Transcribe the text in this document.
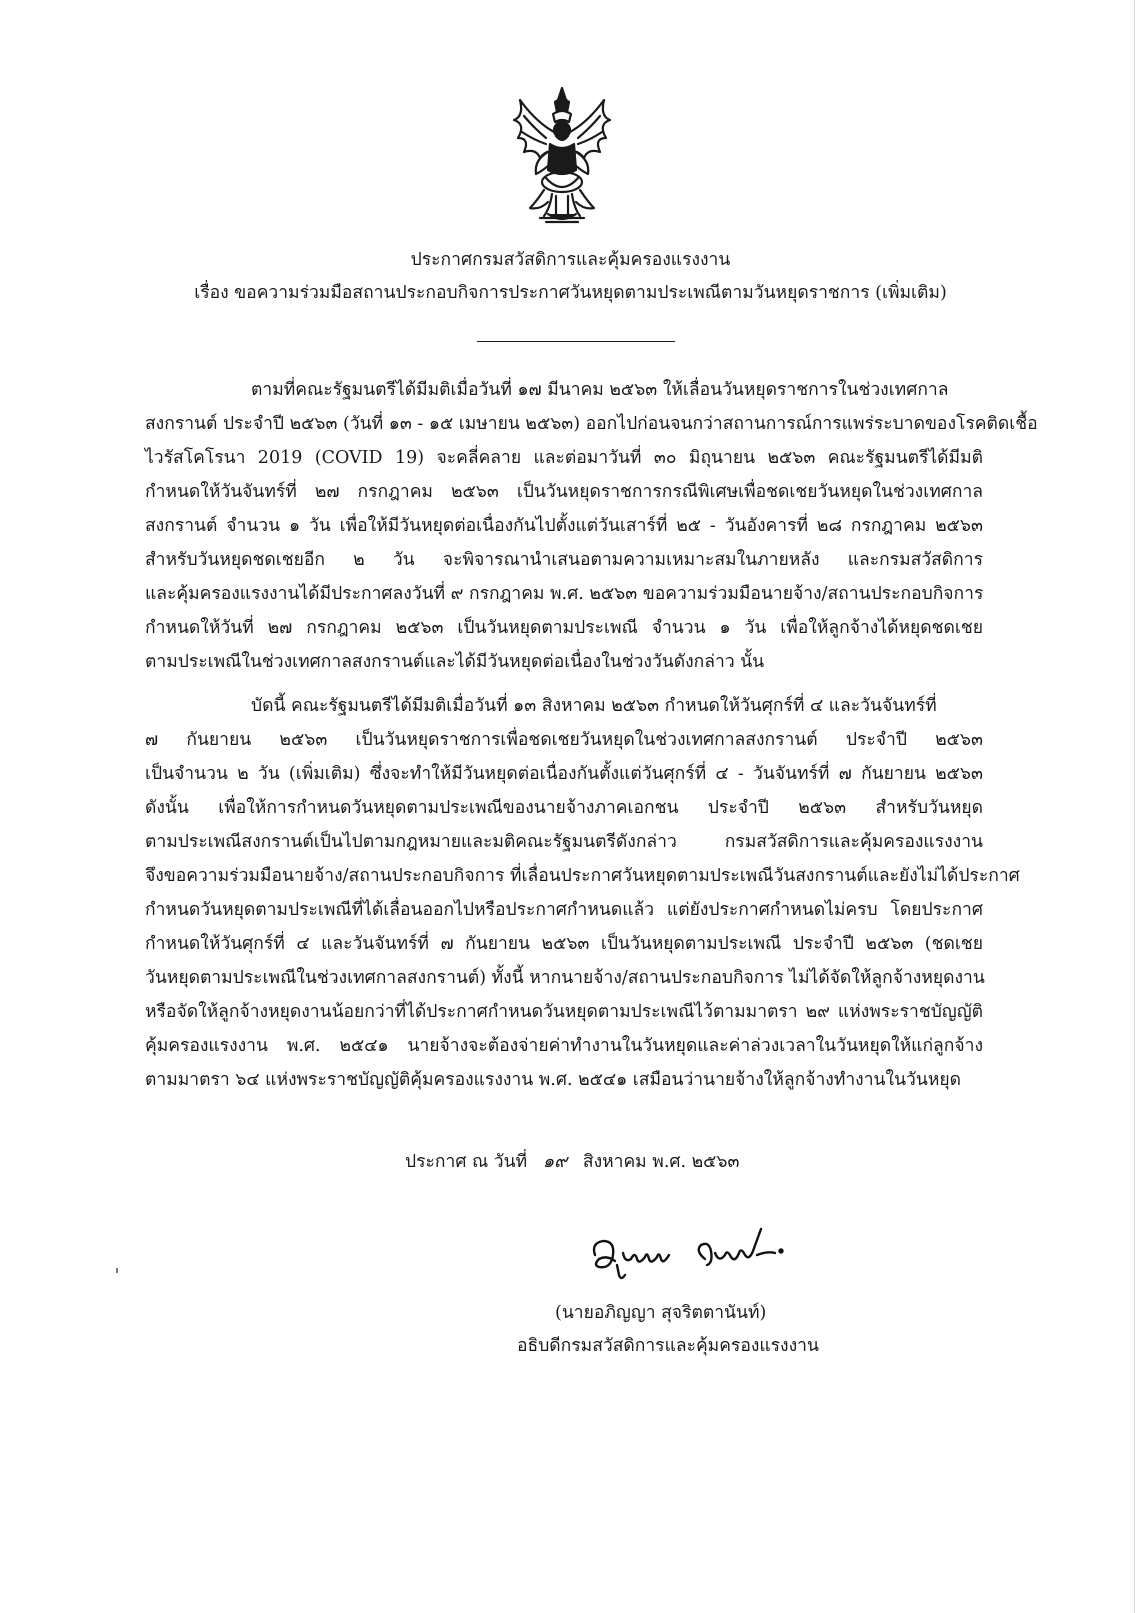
ประกาศกรมสวัสดิการและคุ้มครองแรงงาน
เรื่อง ขอความร่วมมือสถานประกอบกิจการประกาศวันหยุดตามประเพณีตามวันหยุดราชการ (เพิ่มเติม)
ตามที่คณะรัฐมนตรีได้มีมติเมื่อวันที่ ๑๗ มีนาคม ๒๕๖๓ ให้เลื่อนวันหยุดราชการในช่วงเทศกาล
สงกรานต์ ประจำปี ๒๕๖๓ (วันที่ ๑๓ - ๑๕ เมษายน ๒๕๖๓) ออกไปก่อนจนกว่าสถานการณ์การแพร่ระบาดของโรคติดเชื้อ
ไวรัสโคโรนา 2019 (COVID 19) จะคลี่คลาย และต่อมาวันที่ ๓๐ มิถุนายน ๒๕๖๓ คณะรัฐมนตรีได้มีมติ
กำหนดให้วันจันทร์ที่ ๒๗ กรกฎาคม ๒๕๖๓ เป็นวันหยุดราชการกรณีพิเศษเพื่อชดเชยวันหยุดในช่วงเทศกาล
สงกรานต์ จำนวน ๑ วัน เพื่อให้มีวันหยุดต่อเนื่องกันไปตั้งแต่วันเสาร์ที่ ๒๕ - วันอังคารที่ ๒๘ กรกฎาคม ๒๕๖๓
สำหรับวันหยุดชดเชยอีก ๒ วัน จะพิจารณานำเสนอตามความเหมาะสมในภายหลัง และกรมสวัสดิการ
และคุ้มครองแรงงานได้มีประกาศลงวันที่ ๙ กรกฎาคม พ.ศ. ๒๕๖๓ ขอความร่วมมือนายจ้าง/สถานประกอบกิจการ
กำหนดให้วันที่ ๒๗ กรกฎาคม ๒๕๖๓ เป็นวันหยุดตามประเพณี จำนวน ๑ วัน เพื่อให้ลูกจ้างได้หยุดชดเชย
ตามประเพณีในช่วงเทศกาลสงกรานต์และได้มีวันหยุดต่อเนื่องในช่วงวันดังกล่าว นั้น
บัดนี้ คณะรัฐมนตรีได้มีมติเมื่อวันที่ ๑๓ สิงหาคม ๒๕๖๓ กำหนดให้วันศุกร์ที่ ๔ และวันจันทร์ที่
๗ กันยายน ๒๕๖๓ เป็นวันหยุดราชการเพื่อชดเชยวันหยุดในช่วงเทศกาลสงกรานต์ ประจำปี ๒๕๖๓
เป็นจำนวน ๒ วัน (เพิ่มเติม) ซึ่งจะทำให้มีวันหยุดต่อเนื่องกันตั้งแต่วันศุกร์ที่ ๔ - วันจันทร์ที่ ๗ กันยายน ๒๕๖๓
ดังนั้น เพื่อให้การกำหนดวันหยุดตามประเพณีของนายจ้างภาคเอกชน ประจำปี ๒๕๖๓ สำหรับวันหยุด
ตามประเพณีสงกรานต์เป็นไปตามกฎหมายและมติคณะรัฐมนตรีดังกล่าว กรมสวัสดิการและคุ้มครองแรงงาน
จึงขอความร่วมมือนายจ้าง/สถานประกอบกิจการ ที่เลื่อนประกาศวันหยุดตามประเพณีวันสงกรานต์และยังไม่ได้ประกาศ
กำหนดวันหยุดตามประเพณีที่ได้เลื่อนออกไปหรือประกาศกำหนดแล้ว แต่ยังประกาศกำหนดไม่ครบ โดยประกาศ
กำหนดให้วันศุกร์ที่ ๔ และวันจันทร์ที่ ๗ กันยายน ๒๕๖๓ เป็นวันหยุดตามประเพณี ประจำปี ๒๕๖๓ (ชดเชย
วันหยุดตามประเพณีในช่วงเทศกาลสงกรานต์) ทั้งนี้ หากนายจ้าง/สถานประกอบกิจการ ไม่ได้จัดให้ลูกจ้างหยุดงาน
หรือจัดให้ลูกจ้างหยุดงานน้อยกว่าที่ได้ประกาศกำหนดวันหยุดตามประเพณีไว้ตามมาตรา ๒๙ แห่งพระราชบัญญัติ
คุ้มครองแรงงาน พ.ศ. ๒๕๔๑ นายจ้างจะต้องจ่ายค่าทำงานในวันหยุดและค่าล่วงเวลาในวันหยุดให้แก่ลูกจ้าง
ตามมาตรา ๖๔ แห่งพระราชบัญญัติคุ้มครองแรงงาน พ.ศ. ๒๕๔๑ เสมือนว่านายจ้างให้ลูกจ้างทำงานในวันหยุด
ประกาศ ณ วันที่ ๑๙ สิงหาคม พ.ศ. ๒๕๖๓
(นายอภิญญา สุจริตตานันท์)
อธิบดีกรมสวัสดิการและคุ้มครองแรงงาน
